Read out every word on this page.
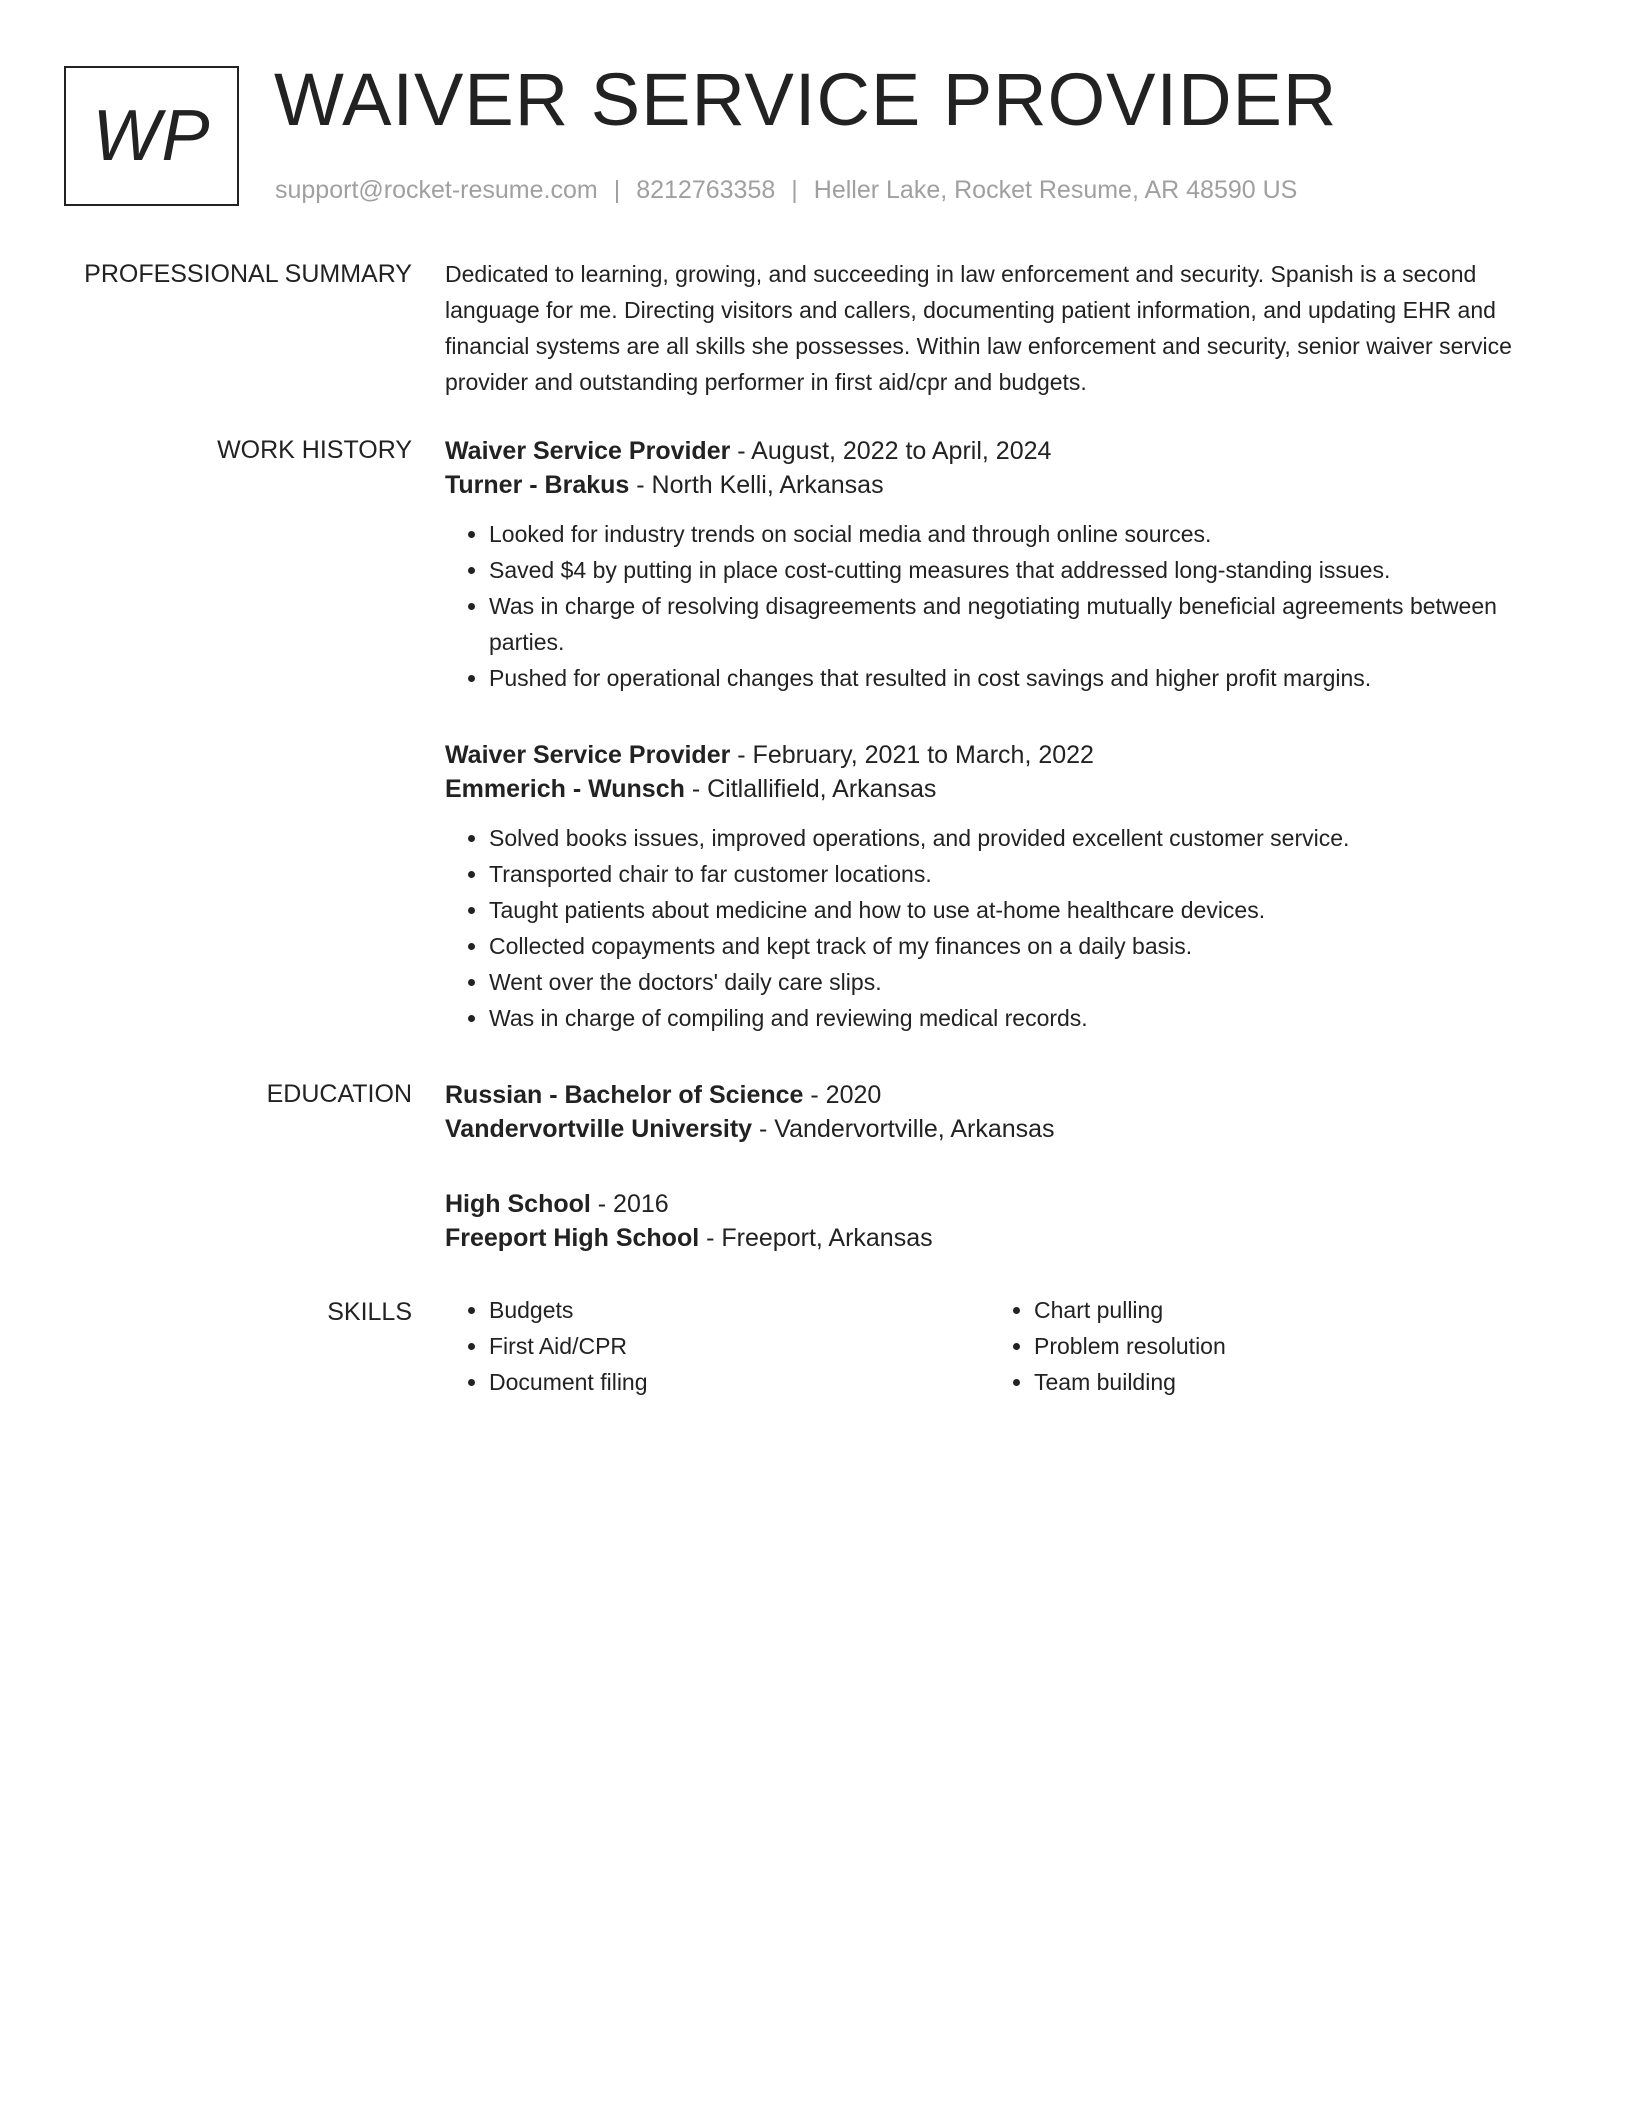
WP WAIVER SERVICE PROVIDER
support@rocket-resume.com | 8212763358 | Heller Lake, Rocket Resume, AR 48590 US
PROFESSIONAL SUMMARY Dedicated to learning, growing, and succeeding in law enforcement and security. Spanish is a second language for me. Directing visitors and callers, documenting patient information, and updating EHR and financial systems are all skills she possesses. Within law enforcement and security, senior waiver service provider and outstanding performer in first aid/cpr and budgets.

WORK HISTORY Waiver Service Provider - August, 2022 to April, 2024

Turner - Brakus - North Kelli, Arkansas

• Looked for industry trends on social media and through online sources.
• Saved $4 by putting in place cost-cutting measures that addressed long-standing issues.
• Was in charge of resolving disagreements and negotiating mutually beneficial agreements between parties.
• Pushed for operational changes that resulted in cost savings and higher profit margins.

Waiver Service Provider - February, 2021 to March, 2022

Emmerich - Wunsch - Citlallifield, Arkansas

• Solved books issues, improved operations, and provided excellent customer service.
• Transported chair to far customer locations.
• Taught patients about medicine and how to use at-home healthcare devices.
• Collected copayments and kept track of my finances on a daily basis.
• Went over the doctors' daily care slips.
• Was in charge of compiling and reviewing medical records.
EDUCATION Russian - Bachelor of Science - 2020

Vandervortville University - Vandervortville, Arkansas

High School - 2016

Freeport High School - Freeport, Arkansas

SKILLS
•	Budgets
• First Aid/CPR
• Document filing
• Chart pulling
• Problem resolution
• Team building
